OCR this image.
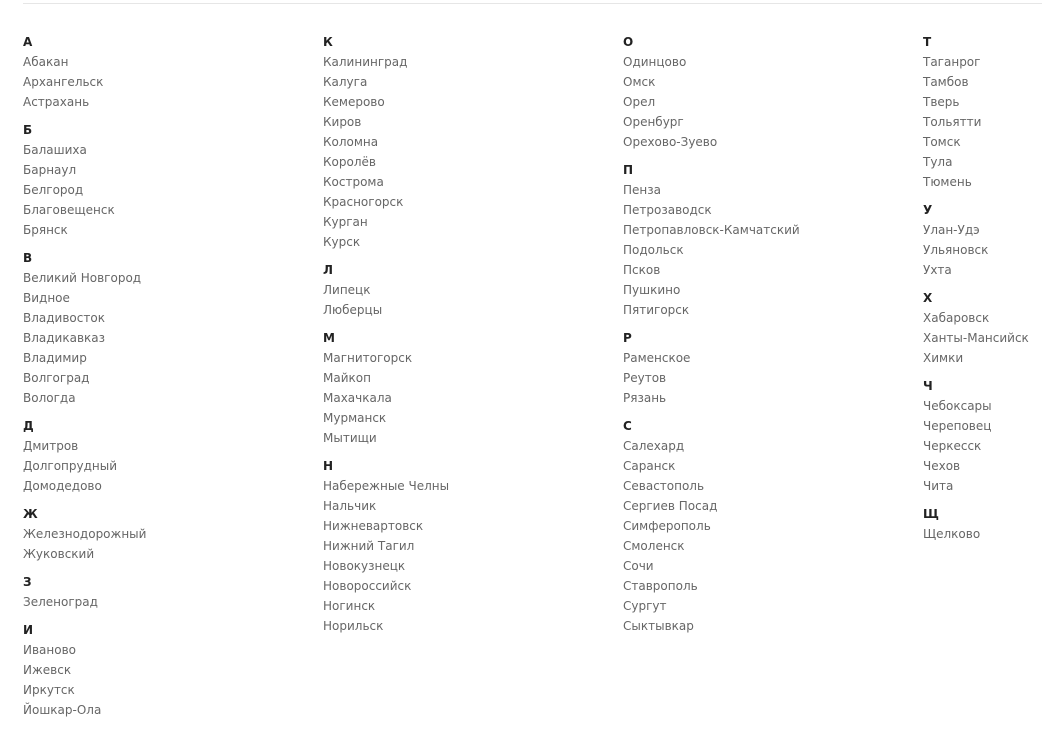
А
Абакан
Архангельск
Астрахань
Б
Балашиха
Барнаул
Белгород
Благовещенск
Брянск
В
Великий Новгород
Видное
Владивосток
Владикавказ
Владимир
Волгоград
Вологда
Д
Дмитров
Долгопрудный
Домодедово
Ж
Железнодорожный
Жуковский
З
Зеленоград
И
Иваново
Ижевск
Иркутск
Йошкар-Ола
К
Калининград
Калуга
Кемерово
Киров
Коломна
Королёв
Кострома
Красногорск
Курган
Курск
Л
Липецк
Люберцы
М
Магнитогорск
Майкоп
Махачкала
Мурманск
Мытищи
Н
Набережные Челны
Нальчик
Нижневартовск
Нижний Тагил
Новокузнецк
Новороссийск
Ногинск
Норильск
О
Одинцово
Омск
Орел
Оренбург
Орехово-Зуево
П
Пенза
Петрозаводск
Петропавловск-Камчатский
Подольск
Псков
Пушкино
Пятигорск
Р
Раменское
Реутов
Рязань
С
Салехард
Саранск
Севастополь
Сергиев Посад
Симферополь
Смоленск
Сочи
Ставрополь
Сургут
Сыктывкар
Т
Таганрог
Тамбов
Тверь
Тольятти
Томск
Тула
Тюмень
У
Улан-Удэ
Ульяновск
Ухта
Х
Хабаровск
Ханты-Мансийск
Химки
Ч
Чебоксары
Череповец
Черкесск
Чехов
Чита
Щ
Щелково
